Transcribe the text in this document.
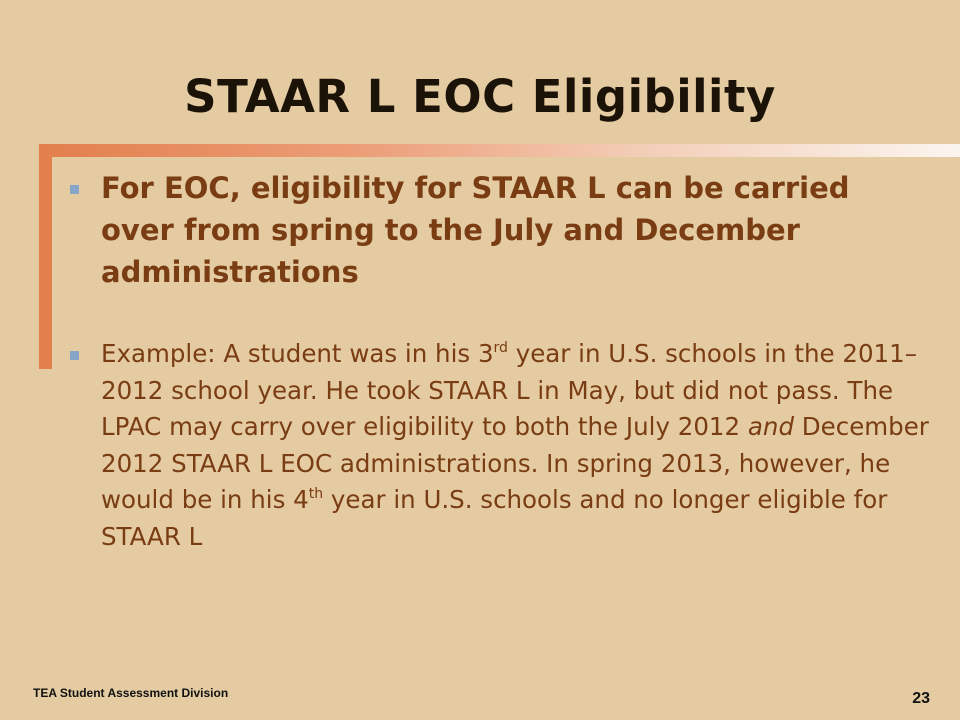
STAAR L EOC Eligibility
For EOC, eligibility for STAAR L can be carried over from spring to the July and December administrations
Example: A student was in his 3rd year in U.S. schools in the 2011–2012 school year. He took STAAR L in May, but did not pass. The LPAC may carry over eligibility to both the July 2012 and December 2012 STAAR L EOC administrations. In spring 2013, however, he would be in his 4th year in U.S. schools and no longer eligible for STAAR L
TEA Student Assessment Division	23
